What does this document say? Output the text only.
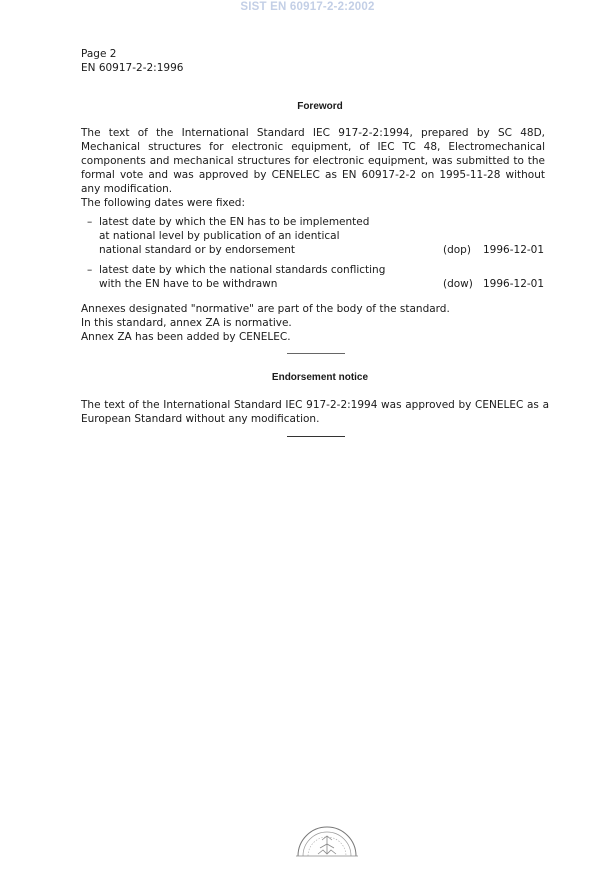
SIST EN 60917-2-2:2002
Page 2
EN 60917-2-2:1996
Foreword

The text of the International Standard IEC 917-2-2:1994, prepared by SC 48D, Mechanical structures for electronic equipment, of IEC TC 48, Electromechanical components and mechanical structures for electronic equipment, was submitted to the formal vote and was approved by CENELEC as EN 60917-2-2 on 1995-11-28 without any modification.

The following dates were fixed:
– latest date by which the EN has to be implemented
at national level by publication of an identical
national standard or by endorsement	(dop) 1996-12-01
– latest date by which the national standards conflicting
with the EN have to be withdrawn	(dow) 1996-12-01
Annexes designated "normative" are part of the body of the standard.
In this standard, annex ZA is normative.
Annex ZA has been added by CENELEC.
Endorsement notice

The text of the International Standard IEC 917-2-2:1994 was approved by CENELEC as a European Standard without any modification.
